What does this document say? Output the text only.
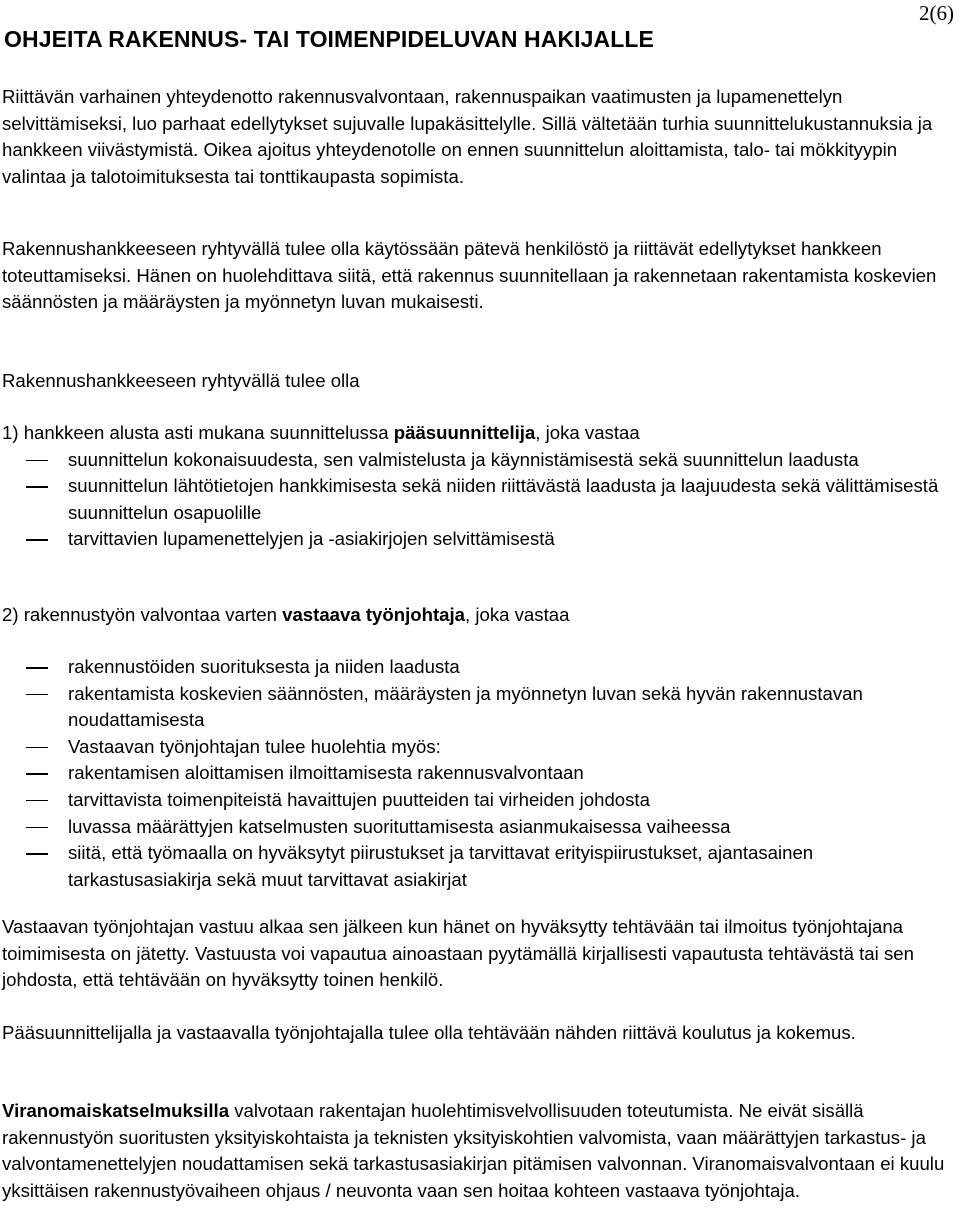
2(6)
OHJEITA RAKENNUS- TAI TOIMENPIDELUVAN HAKIJALLE

Riittävän varhainen yhteydenotto rakennusvalvontaan, rakennuspaikan vaatimusten ja lupamenettelyn selvittämiseksi, luo parhaat edellytykset sujuvalle lupakäsittelylle. Sillä vältetään turhia suunnittelukustannuksia ja hankkeen viivästymistä. Oikea ajoitus yhteydenotolle on ennen suunnittelun aloittamista, talo- tai mökkityypin valintaa ja talotoimituksesta tai tonttikaupasta sopimista.

Rakennushankkeeseen ryhtyvällä tulee olla käytössään pätevä henkilöstö ja riittävät edellytykset hankkeen toteuttamiseksi. Hänen on huolehdittava siitä, että rakennus suunnitellaan ja rakennetaan rakentamista koskevien säännösten ja määräysten ja myönnetyn luvan mukaisesti.

Rakennushankkeeseen ryhtyvällä tulee olla

1) hankkeen alusta asti mukana suunnittelussa pääsuunnittelija, joka vastaa

suunnittelun kokonaisuudesta, sen valmistelusta ja käynnistämisestä sekä suunnittelun laadusta
suunnittelun lähtötietojen hankkimisesta sekä niiden riittävästä laadusta ja laajuudesta sekä välittämisestä suunnittelun osapuolille
tarvittavien lupamenettelyjen ja -asiakirjojen selvittämisestä

2) rakennustyön valvontaa varten vastaava työnjohtaja, joka vastaa

rakennustöiden suorituksesta ja niiden laadusta
rakentamista koskevien säännösten, määräysten ja myönnetyn luvan sekä hyvän rakennustavan noudattamisesta
Vastaavan työnjohtajan tulee huolehtia myös:
rakentamisen aloittamisen ilmoittamisesta rakennusvalvontaan
tarvittavista toimenpiteistä havaittujen puutteiden tai virheiden johdosta
luvassa määrättyjen katselmusten suorituttamisesta asianmukaisessa vaiheessa
siitä, että työmaalla on hyväksytyt piirustukset ja tarvittavat erityispiirustukset, ajantasainen tarkastusasiakirja sekä muut tarvittavat asiakirjat

Vastaavan työnjohtajan vastuu alkaa sen jälkeen kun hänet on hyväksytty tehtävään tai ilmoitus työnjohtajana toimimisesta on jätetty. Vastuusta voi vapautua ainoastaan pyytämällä kirjallisesti vapautusta tehtävästä tai sen johdosta, että tehtävään on hyväksytty toinen henkilö.

Pääsuunnittelijalla ja vastaavalla työnjohtajalla tulee olla tehtävään nähden riittävä koulutus ja kokemus.

Viranomaiskatselmuksilla valvotaan rakentajan huolehtimisvelvollisuuden toteutumista. Ne eivät sisällä rakennustyön suoritusten yksityiskohtaista ja teknisten yksityiskohtien valvomista, vaan määrättyjen tarkastus- ja valvontamenettelyjen noudattamisen sekä tarkastusasiakirjan pitämisen valvonnan. Viranomaisvalvontaan ei kuulu yksittäisen rakennustyövaiheen ohjaus / neuvonta vaan sen hoitaa kohteen vastaava työnjohtaja.
